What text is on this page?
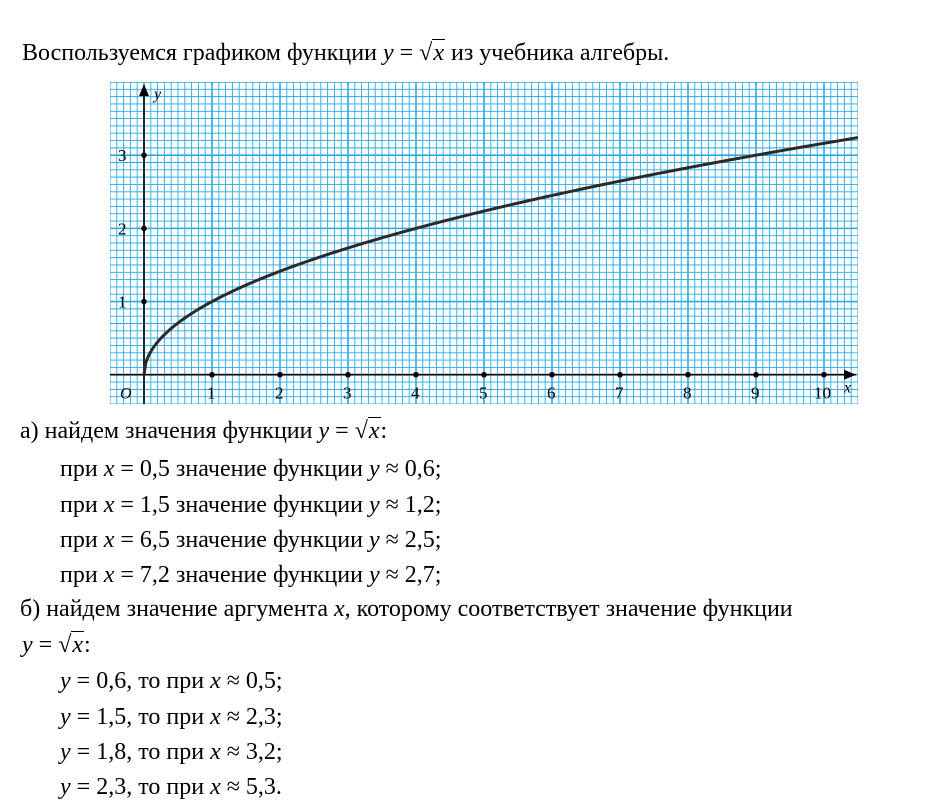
Воспользуемся графиком функции y = √x из учебника алгебры.
1	2	3	4	5	6	7	8	9	10
1
2
3
O	x
y
а) найдем значения функции y = √x:
при x = 0,5 значение функции y ≈ 0,6;
при x = 1,5 значение функции y ≈ 1,2;
при x = 6,5 значение функции y ≈ 2,5;
при x = 7,2 значение функции y ≈ 2,7;
б) найдем значение аргумента x, которому соответствует значение функции
y = √x:
y = 0,6, то при x ≈ 0,5;
y = 1,5, то при x ≈ 2,3;
y = 1,8, то при x ≈ 3,2;
y = 2,3, то при x ≈ 5,3.
